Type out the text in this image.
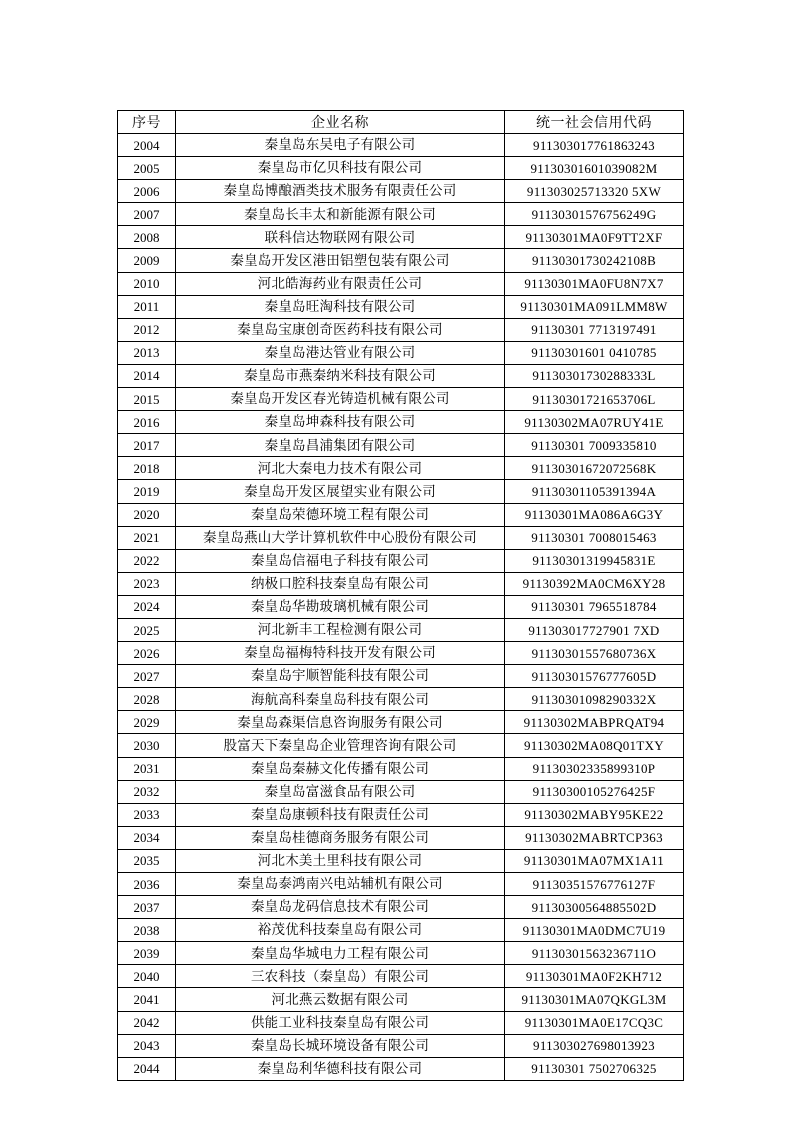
序号	企业名称	统一社会信用代码
2004	秦皇岛东吴电子有限公司	911303017761863243
2005	秦皇岛市亿贝科技有限公司	91130301601039082M
2006	秦皇岛博酿酒类技术服务有限责任公司	911303025713320 5XW
2007	秦皇岛长丰太和新能源有限公司	91130301576756249G
2008	联科信达物联网有限公司	91130301MA0F9TT2XF
2009	秦皇岛开发区港田铝塑包装有限公司	91130301730242108B
2010	河北皓海药业有限责任公司	91130301MA0FU8N7X7
2011	秦皇岛旺淘科技有限公司	91130301MA091LMM8W
2012	秦皇岛宝康创奇医药科技有限公司	91130301 7713197491
2013	秦皇岛港达管业有限公司	91130301601 0410785
2014	秦皇岛市燕秦纳米科技有限公司	91130301730288333L
2015	秦皇岛开发区春光铸造机械有限公司	91130301721653706L
2016	秦皇岛坤森科技有限公司	91130302MA07RUY41E
2017	秦皇岛昌浦集团有限公司	91130301 7009335810
2018	河北大秦电力技术有限公司	91130301672072568K
2019	秦皇岛开发区展望实业有限公司	91130301105391394A
2020	秦皇岛荣德环境工程有限公司	91130301MA086A6G3Y
2021	秦皇岛燕山大学计算机软件中心股份有限公司	91130301 7008015463
2022	秦皇岛信福电子科技有限公司	91130301319945831E
2023	纳极口腔科技秦皇岛有限公司	91130392MA0CM6XY28
2024	秦皇岛华勘玻璃机械有限公司	91130301 7965518784
2025	河北新丰工程检测有限公司	911303017727901 7XD
2026	秦皇岛福梅特科技开发有限公司	91130301557680736X
2027	秦皇岛宇顺智能科技有限公司	91130301576777605D
2028	海航高科秦皇岛科技有限公司	91130301098290332X
2029	秦皇岛森渠信息咨询服务有限公司	91130302MABPRQAT94
2030	股富天下秦皇岛企业管理咨询有限公司	91130302MA08Q01TXY
2031	秦皇岛秦赫文化传播有限公司	91130302335899310P
2032	秦皇岛富滋食品有限公司	91130300105276425F
2033	秦皇岛康顿科技有限责任公司	91130302MABY95KE22
2034	秦皇岛桂德商务服务有限公司	91130302MABRTCP363
2035	河北木美土里科技有限公司	91130301MA07MX1A11
2036	秦皇岛泰鸿南兴电站辅机有限公司	91130351576776127F
2037	秦皇岛龙码信息技术有限公司	91130300564885502D
2038	裕茂优科技秦皇岛有限公司	91130301MA0DMC7U19
2039	秦皇岛华城电力工程有限公司	91130301563236711O
2040	三农科技（秦皇岛）有限公司	91130301MA0F2KH712
2041	河北燕云数据有限公司	91130301MA07QKGL3M
2042	供能工业科技秦皇岛有限公司	91130301MA0E17CQ3C
2043	秦皇岛长城环境设备有限公司	911303027698013923
2044	秦皇岛利华德科技有限公司	91130301 7502706325
